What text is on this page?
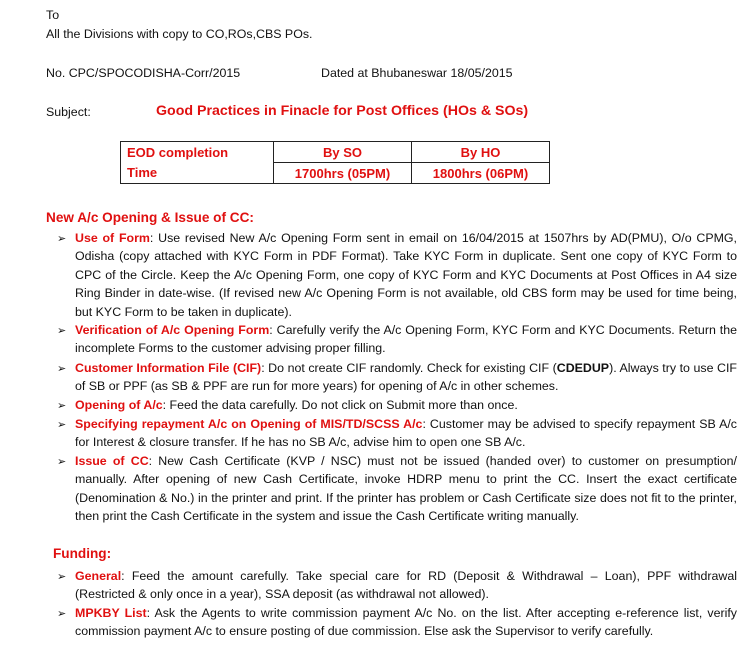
To
All the Divisions with copy to CO,ROs,CBS POs.
No. CPC/SPOCODISHA-Corr/2015	Dated at Bhubaneswar 18/05/2015
Subject:	Good Practices in Finacle for Post Offices (HOs & SOs)
EOD completion	By SO	By HO
Time	1700hrs (05PM)	1800hrs (06PM)
New A/c Opening & Issue of CC:
➢ Use of Form: Use revised New A/c Opening Form sent in email on 16/04/2015 at 1507hrs by AD(PMU), O/o CPMG, Odisha (copy attached with KYC Form in PDF Format). Take KYC Form in duplicate. Sent one copy of KYC Form to CPC of the Circle. Keep the A/c Opening Form, one copy of KYC Form and KYC Documents at Post Offices in A4 size Ring Binder in date-wise. (If revised new A/c Opening Form is not available, old CBS form may be used for time being, but KYC Form to be taken in duplicate).
➢ Verification of A/c Opening Form: Carefully verify the A/c Opening Form, KYC Form and KYC Documents. Return the incomplete Forms to the customer advising proper filling.
➢ Customer Information File (CIF): Do not create CIF randomly. Check for existing CIF (CDEDUP). Always try to use CIF of SB or PPF (as SB & PPF are run for more years) for opening of A/c in other schemes.
➢ Opening of A/c: Feed the data carefully. Do not click on Submit more than once.
➢ Specifying repayment A/c on Opening of MIS/TD/SCSS A/c: Customer may be advised to specify repayment SB A/c for Interest & closure transfer. If he has no SB A/c, advise him to open one SB A/c.
➢ Issue of CC: New Cash Certificate (KVP / NSC) must not be issued (handed over) to customer on presumption/ manually. After opening of new Cash Certificate, invoke HDRP menu to print the CC. Insert the exact certificate (Denomination & No.) in the printer and print. If the printer has problem or Cash Certificate size does not fit to the printer, then print the Cash Certificate in the system and issue the Cash Certificate writing manually.
Funding:
➢ General: Feed the amount carefully. Take special care for RD (Deposit & Withdrawal – Loan), PPF withdrawal (Restricted & only once in a year), SSA deposit (as withdrawal not allowed).
➢ MPKBY List: Ask the Agents to write commission payment A/c No. on the list. After accepting e-reference list, verify commission payment A/c to ensure posting of due commission. Else ask the Supervisor to verify carefully.
